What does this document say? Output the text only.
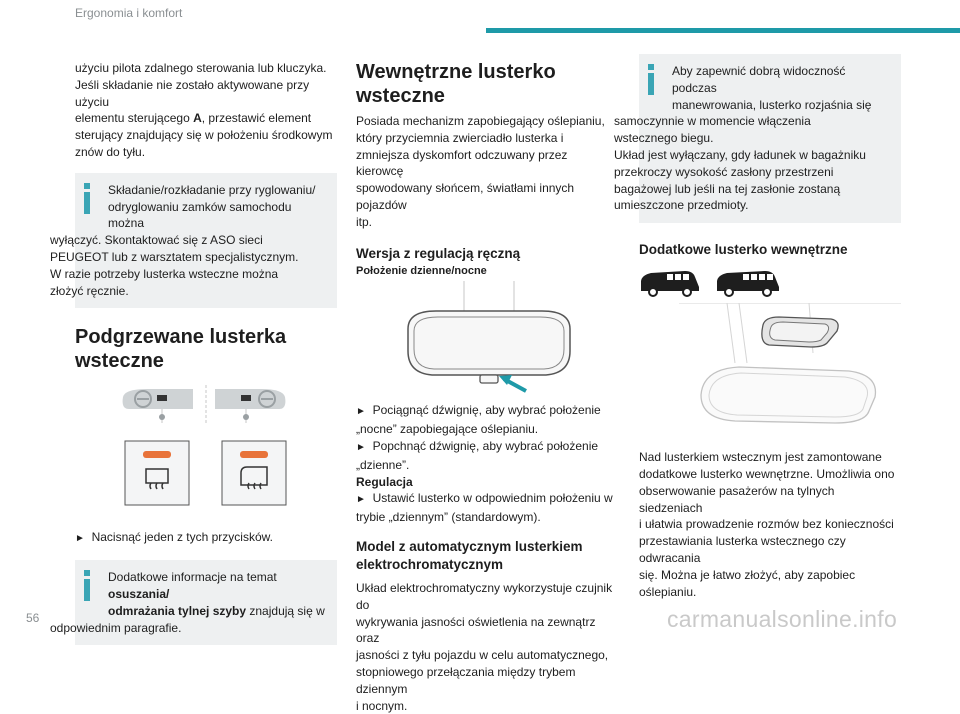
Ergonomia i komfort

użyciu pilota zdalnego sterowania lub kluczyka.

Jeśli składanie nie zostało aktywowane przy użyciu

elementu sterującego A, przestawić element

sterujący znajdujący się w położeniu środkowym

znów do tyłu.

Składanie/rozkładanie przy ryglowaniu/

odryglowaniu zamków samochodu można

wyłączyć. Skontaktować się z ASO sieci

PEUGEOT lub z warsztatem specjalistycznym.

W razie potrzeby lusterka wsteczne można

złożyć ręcznie.

Podgrzewane lusterka
wsteczne

► Nacisnąć jeden z tych przycisków.

Dodatkowe informacje na temat osuszania/

odmrażania tylnej szyby znajdują się w

odpowiednim paragrafie.

Wewnętrzne lusterko
wsteczne

Posiada mechanizm zapobiegający oślepianiu,

który przyciemnia zwierciadło lusterka i

zmniejsza dyskomfort odczuwany przez kierowcę

spowodowany słońcem, światłami innych pojazdów

itp.

Wersja z regulacją ręczną
Położenie dzienne/nocne

► Pociągnąć dźwignię, aby wybrać położenie

„nocne” zapobiegające oślepianiu.

► Popchnąć dźwignię, aby wybrać położenie

„dzienne”.

Regulacja

► Ustawić lusterko w odpowiednim położeniu w

trybie „dziennym” (standardowym).

Model z automatycznym lusterkiem
elektrochromatycznym

Układ elektrochromatyczny wykorzystuje czujnik do

wykrywania jasności oświetlenia na zewnątrz oraz

jasności z tyłu pojazdu w celu automatycznego,

stopniowego przełączania między trybem dziennym

i nocnym.

Aby zapewnić dobrą widoczność podczas

manewrowania, lusterko rozjaśnia się

samoczynnie w momencie włączenia

wstecznego biegu.

Układ jest wyłączany, gdy ładunek w bagażniku

przekroczy wysokość zasłony przestrzeni

bagażowej lub jeśli na tej zasłonie zostaną

umieszczone przedmioty.

Dodatkowe lusterko wewnętrzne

Nad lusterkiem wstecznym jest zamontowane

dodatkowe lusterko wewnętrzne. Umożliwia ono

obserwowanie pasażerów na tylnych siedzeniach

i ułatwia prowadzenie rozmów bez konieczności

przestawiania lusterka wstecznego czy odwracania

się. Można je łatwo złożyć, aby zapobiec oślepianiu.

56	carmanualsonline.info
